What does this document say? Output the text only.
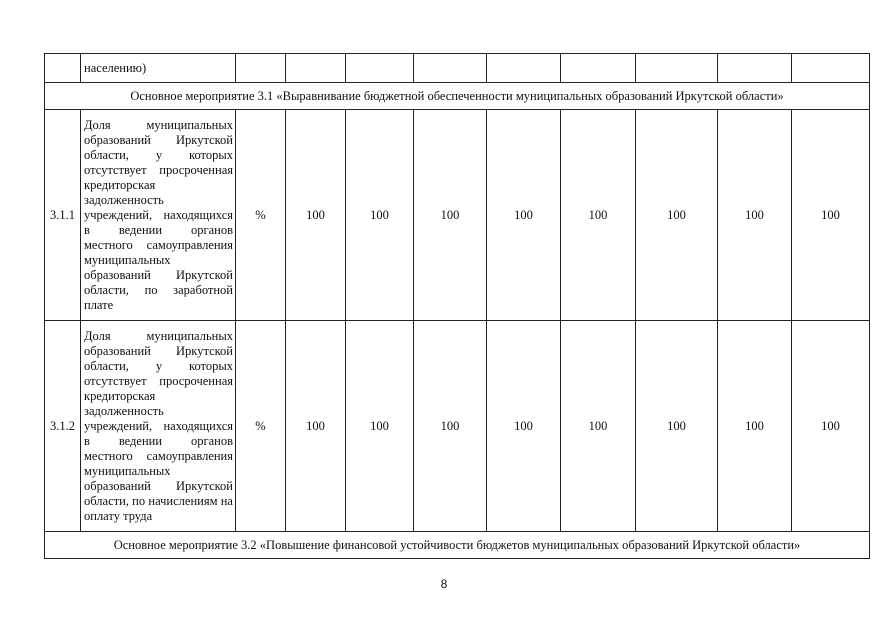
	населению)									
Основное мероприятие 3.1 «Выравнивание бюджетной обеспеченности муниципальных образований Иркутской области»										
3.1.1	Доля муниципальных образований Иркутской области, у которых отсутствует просроченная кредиторская задолженность учреждений, находящихся в ведении органов местного самоуправления муниципальных образований Иркутской области, по заработной плате	%	100	100	100	100	100	100	100	100
3.1.2	Доля муниципальных образований Иркутской области, у которых отсутствует просроченная кредиторская задолженность учреждений, находящихся в ведении органов местного самоуправления муниципальных образований Иркутской области, по начислениям на оплату труда	%	100	100	100	100	100	100	100	100
Основное мероприятие 3.2 «Повышение финансовой устойчивости бюджетов муниципальных образований Иркутской области»										
8
